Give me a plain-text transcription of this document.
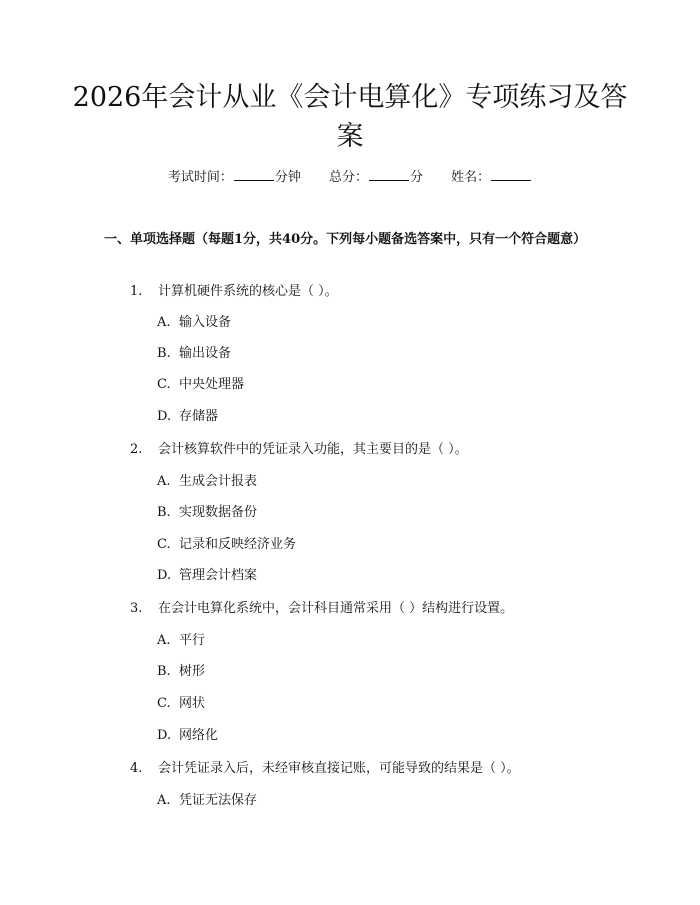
2026年会计从业《会计电算化》专项练习及答案
考试时间：	分钟 总分：	分 姓名：
一、单项选择题（每题1分，共40分。下列每小题备选答案中，只有一个符合题意）
1. 计算机硬件系统的核心是（ ）。
A. 输入设备
B. 输出设备
C. 中央处理器
D. 存储器
2. 会计核算软件中的凭证录入功能，其主要目的是（ ）。
A. 生成会计报表
B. 实现数据备份
C. 记录和反映经济业务
D. 管理会计档案
3. 在会计电算化系统中，会计科目通常采用（ ）结构进行设置。
A. 平行
B. 树形
C. 网状
D. 网络化
4. 会计凭证录入后，未经审核直接记账，可能导致的结果是（ ）。
A. 凭证无法保存
